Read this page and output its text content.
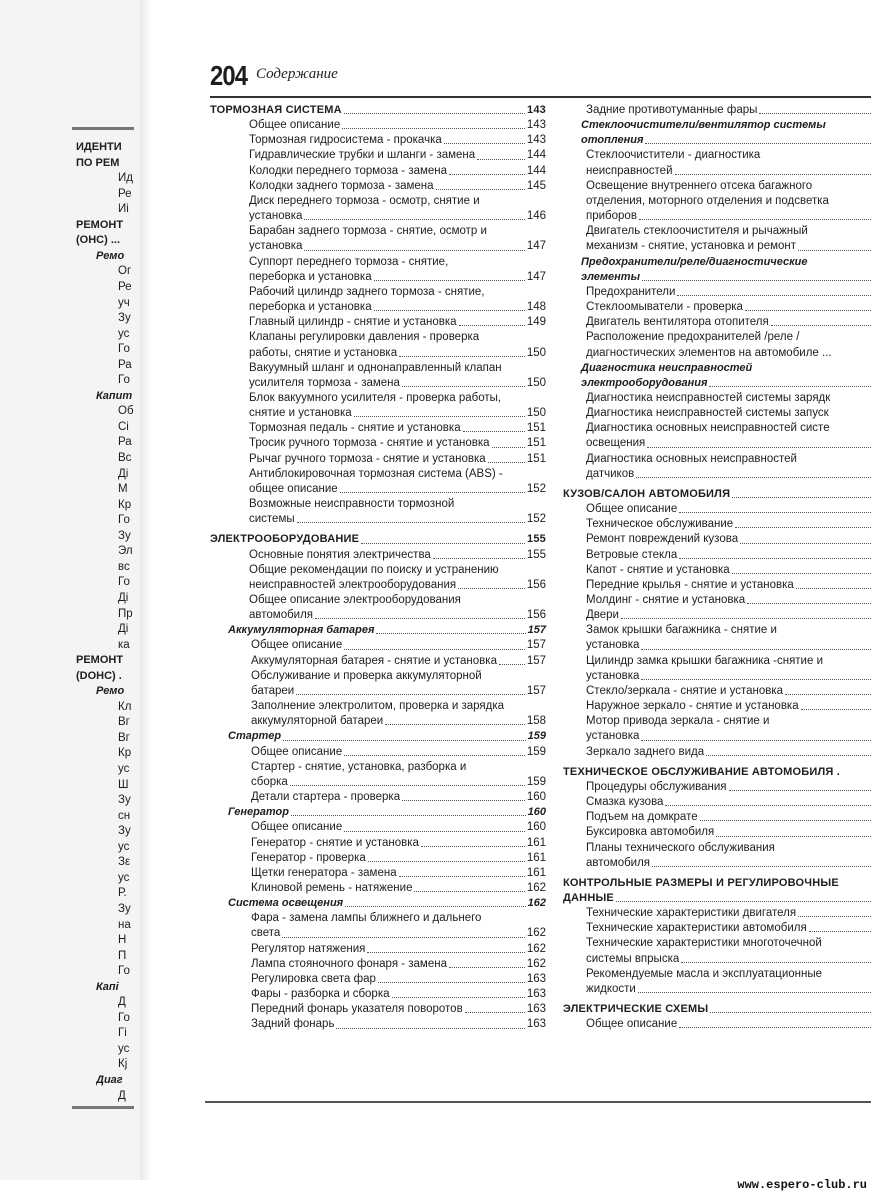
ИДЕНТИ
ПО РЕМ
Ид
Ре
Иі
РЕМОНТ
(OHC) ...
Ремо
Ог
Ре
уч
Зу
ус
Го
Ра
Го
Капит
Об
Сі
Ра
Вс
Ді
М
Кр
Го
Зу
Эл
вс
Го
Ді
Пр
Ді
ка
РЕМОНТ
(DOHC) .
Ремо
Кл
Вг
Вг
Кр
ус
Ш
Зу
сн
Зу
ус
Зε
ус
Р.
Зу
на
Н
П
Го
Капі
Д
Го
Гі
ус
Кј
Диаг
Д
204 Содержание
ТОРМОЗНАЯ СИСТЕМА	143
Общее описание	143
Тормозная гидросистема - прокачка	143
Гидравлические трубки и шланги - замена	144
Колодки переднего тормоза - замена	144
Колодки заднего тормоза - замена	145
Диск переднего тормоза - осмотр, снятие и
установка	146
Барабан заднего тормоза - снятие, осмотр и
установка	147
Суппорт переднего тормоза - снятие,
переборка и установка	147
Рабочий цилиндр заднего тормоза - снятие,
переборка и установка	148
Главный цилиндр - снятие и установка	149
Клапаны регулировки давления - проверка
работы, снятие и установка	150
Вакуумный шланг и однонаправленный клапан
усилителя тормоза - замена	150
Блок вакуумного усилителя - проверка работы,
снятие и установка	150
Тормозная педаль - снятие и установка	151
Тросик ручного тормоза - снятие и установка	151
Рычаг ручного тормоза - снятие и установка	151
Антиблокировочная тормозная система (ABS) -
общее описание	152
Возможные неисправности тормозной
системы	152
ЭЛЕКТРООБОРУДОВАНИЕ	155
Основные понятия электричества	155
Общие рекомендации по поиску и устранению
неисправностей электрооборудования	156
Общее описание электрооборудования
автомобиля	156
Аккумуляторная батарея	157
Общее описание	157
Аккумуляторная батарея - снятие и установка	157
Обслуживание и проверка аккумуляторной
батареи	157
Заполнение электролитом, проверка и зарядка
аккумуляторной батареи	158
Стартер	159
Общее описание	159
Стартер - снятие, установка, разборка и
сборка	159
Детали стартера - проверка	160
Генератор	160
Общее описание	160
Генератор - снятие и установка	161
Генератор - проверка	161
Щетки генератора - замена	161
Клиновой ремень - натяжение	162
Система освещения	162
Фара - замена лампы ближнего и дальнего
света	162
Регулятор натяжения	162
Лампа стояночного фонаря - замена	162
Регулировка света фар	163
Фары - разборка и сборка	163
Передний фонарь указателя поворотов	163
Задний фонарь	163
Задние противотуманные фары
Стеклоочистители/вентилятор системы
отопления
Стеклоочистители - диагностика
неисправностей
Освещение внутреннего отсека багажного
отделения, моторного отделения и подсветка
приборов
Двигатель стеклоочистителя и рычажный
механизм - снятие, установка и ремонт
Предохранители/реле/диагностические
элементы
Предохранители
Стеклоомыватели - проверка
Двигатель вентилятора отопителя
Расположение предохранителей /реле /
диагностических элементов на автомобиле ...
Диагностика неисправностей
электрооборудования
Диагностика неисправностей системы зарядк
Диагностика неисправностей системы запуск
Диагностика основных неисправностей систе
освещения
Диагностика основных неисправностей
датчиков
КУЗОВ/САЛОН АВТОМОБИЛЯ
Общее описание
Техническое обслуживание
Ремонт повреждений кузова
Ветровые стекла
Капот - снятие и установка
Передние крылья - снятие и установка
Молдинг - снятие и установка
Двери
Замок крышки багажника - снятие и
установка
Цилиндр замка крышки багажника -снятие и
установка
Стекло/зеркала - снятие и установка
Наружное зеркало - снятие и установка
Мотор привода зеркала - снятие и
установка
Зеркало заднего вида
ТЕХНИЧЕСКОЕ ОБСЛУЖИВАНИЕ АВТОМОБИЛЯ .
Процедуры обслуживания
Смазка кузова
Подъем на домкрате
Буксировка автомобиля
Планы технического обслуживания
автомобиля
КОНТРОЛЬНЫЕ РАЗМЕРЫ И РЕГУЛИРОВОЧНЫЕ
ДАННЫЕ
Технические характеристики двигателя
Технические характеристики автомобиля
Технические характеристики многоточечной
системы впрыска
Рекомендуемые масла и эксплуатационные
жидкости
ЭЛЕКТРИЧЕСКИЕ СХЕМЫ
Общее описание
www.espero-club.ru
